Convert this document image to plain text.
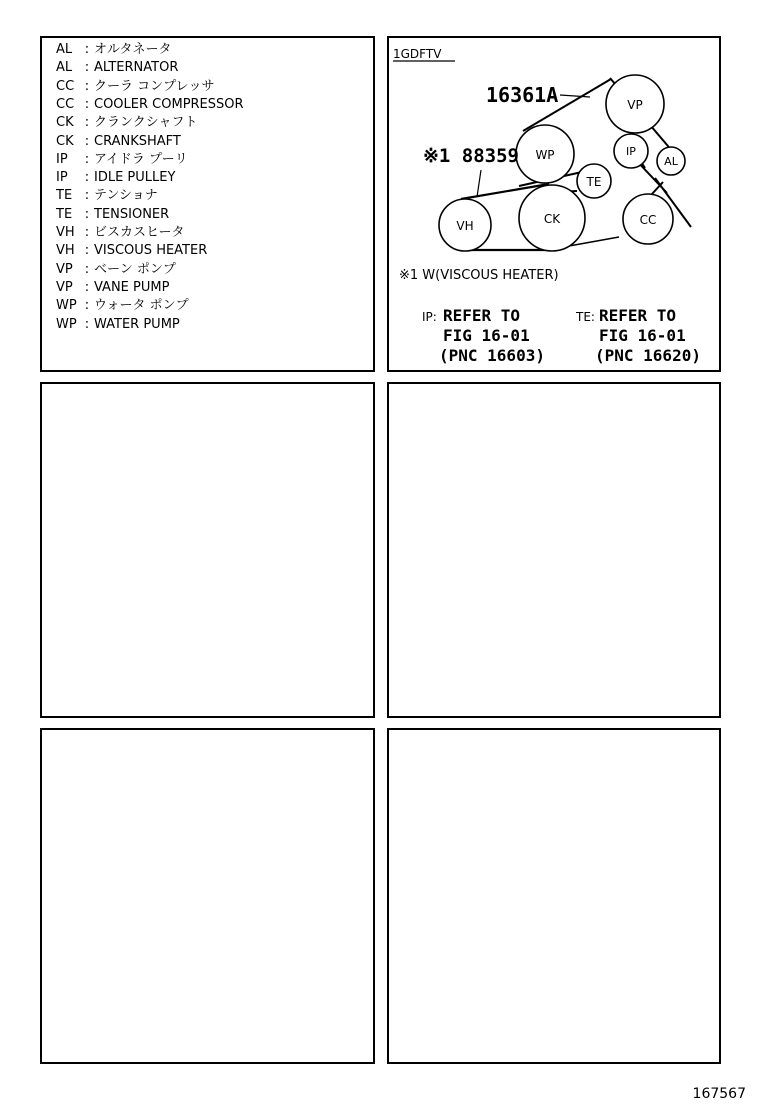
AL : オルタネータ
AL : ALTERNATOR
CC : クーラ コンプレッサ
CC : COOLER COMPRESSOR
CK : クランクシャフト
CK : CRANKSHAFT
IP : アイドラ プーリ
IP : IDLE PULLEY
TE : テンショナ
TE : TENSIONER
VH : ビスカスヒータ
VH : VISCOUS HEATER
VP : ベーン ポンプ
VP : VANE PUMP
WP : ウォータ ポンプ
WP : WATER PUMP
1GDFTV
VP
WP	IP
AL
TE
VH	CK	CC
16361A
※1 88359
※1 W(VISCOUS HEATER)
IP: REFER TO
FIG 16-01
(PNC 16603)
TE: REFER TO
FIG 16-01
(PNC 16620)
167567
